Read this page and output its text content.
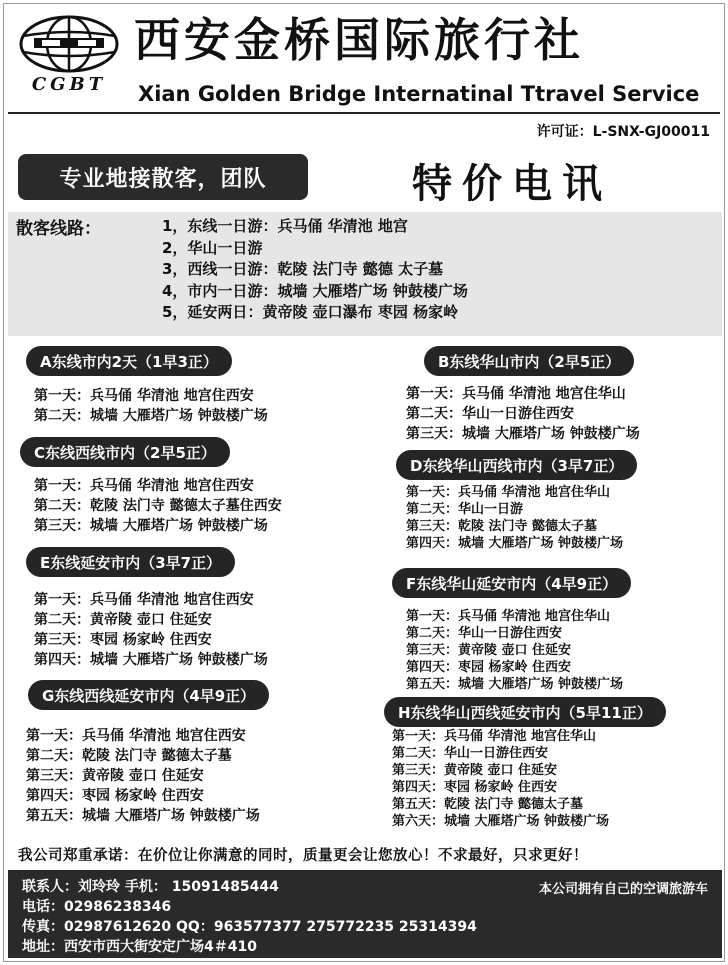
CGBT
西安金桥国际旅行社
Xian Golden Bridge Internatinal Ttravel Service
许可证：L-SNX-GJ00011
专业地接散客，团队	特价电讯
散客线路：	1，东线一日游：兵马俑 华清池 地宫
2，华山一日游
3，西线一日游：乾陵 法门寺 懿德 太子墓
4，市内一日游：城墙 大雁塔广场 钟鼓楼广场
5，延安两日：黄帝陵 壶口瀑布 枣园 杨家岭
A东线市内2天（1早3正）
第一天：兵马俑 华清池 地宫住西安
第二天：城墙 大雁塔广场 钟鼓楼广场
B东线华山市内（2早5正）
第一天：兵马俑 华清池 地宫住华山
第二天：华山一日游住西安
第三天：城墙 大雁塔广场 钟鼓楼广场
C东线西线市内（2早5正）
第一天：兵马俑 华清池 地宫住西安
第二天：乾陵 法门寺 懿德太子墓住西安
第三天：城墙 大雁塔广场 钟鼓楼广场
D东线华山西线市内（3早7正）
第一天：兵马俑 华清池 地宫住华山
第二天：华山一日游
第三天：乾陵 法门寺 懿德太子墓
第四天：城墙 大雁塔广场 钟鼓楼广场
E东线延安市内（3早7正）
第一天：兵马俑 华清池 地宫住西安
第二天：黄帝陵 壶口 住延安
第三天：枣园 杨家岭 住西安
第四天：城墙 大雁塔广场 钟鼓楼广场
F东线华山延安市内（4早9正）
第一天：兵马俑 华清池 地宫住华山
第二天：华山一日游住西安
第三天：黄帝陵 壶口 住延安
第四天：枣园 杨家岭 住西安
第五天：城墙 大雁塔广场 钟鼓楼广场
G东线西线延安市内（4早9正）
第一天：兵马俑 华清池 地宫住西安
第二天：乾陵 法门寺 懿德太子墓
第三天：黄帝陵 壶口 住延安
第四天：枣园 杨家岭 住西安
第五天：城墙 大雁塔广场 钟鼓楼广场
H东线华山西线延安市内（5早11正）
第一天：兵马俑 华清池 地宫住华山
第二天：华山一日游住西安
第三天：黄帝陵 壶口 住延安
第四天：枣园 杨家岭 住西安
第五天：乾陵 法门寺 懿德太子墓
第六天：城墙 大雁塔广场 钟鼓楼广场
我公司郑重承诺：在价位让你满意的同时，质量更会让您放心！不求最好，只求更好！
联系人：刘玲玲 手机： 15091485444
电话：02986238346
传真：02987612620 QQ：963577377 275772235 25314394
地址：西安市西大街安定广场4＃410
本公司拥有自己的空调旅游车
